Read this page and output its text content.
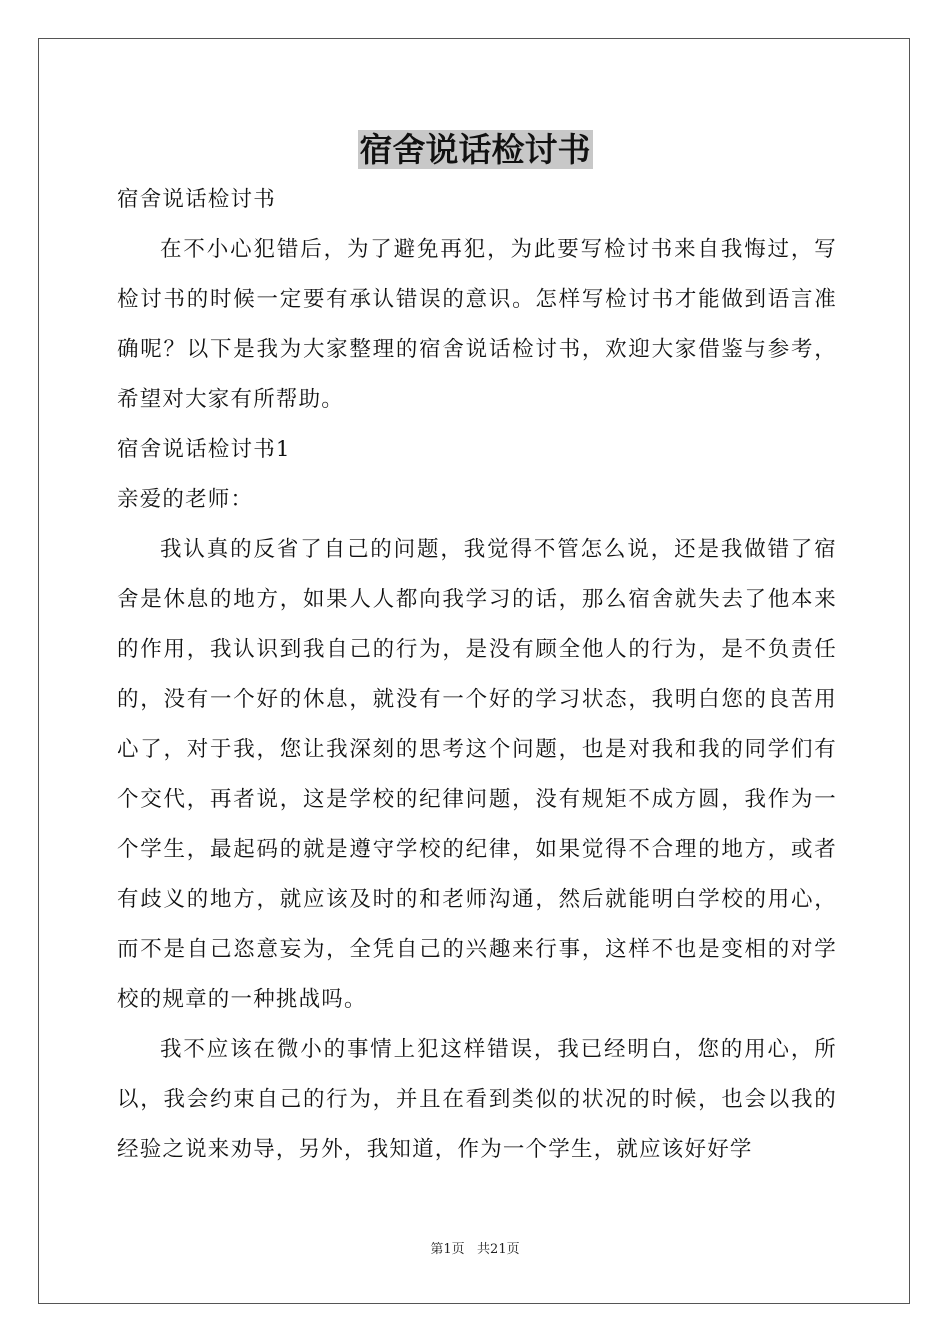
宿舍说话检讨书

宿舍说话检讨书

在不小心犯错后，为了避免再犯，为此要写检讨书来自我悔过，写检讨书的时候一定要有承认错误的意识。怎样写检讨书才能做到语言准确呢？以下是我为大家整理的宿舍说话检讨书，欢迎大家借鉴与参考，希望对大家有所帮助。

宿舍说话检讨书1

亲爱的老师：

我认真的反省了自己的问题，我觉得不管怎么说，还是我做错了宿舍是休息的地方，如果人人都向我学习的话，那么宿舍就失去了他本来的作用，我认识到我自己的行为，是没有顾全他人的行为，是不负责任的，没有一个好的休息，就没有一个好的学习状态，我明白您的良苦用心了，对于我，您让我深刻的思考这个问题，也是对我和我的同学们有个交代，再者说，这是学校的纪律问题，没有规矩不成方圆，我作为一个学生，最起码的就是遵守学校的纪律，如果觉得不合理的地方，或者有歧义的地方，就应该及时的和老师沟通，然后就能明白学校的用心，而不是自己恣意妄为，全凭自己的兴趣来行事，这样不也是变相的对学校的规章的一种挑战吗。

我不应该在微小的事情上犯这样错误，我已经明白，您的用心，所以，我会约束自己的行为，并且在看到类似的状况的时候，也会以我的经验之说来劝导，另外，我知道，作为一个学生，就应该好好学

第1页   共21页
